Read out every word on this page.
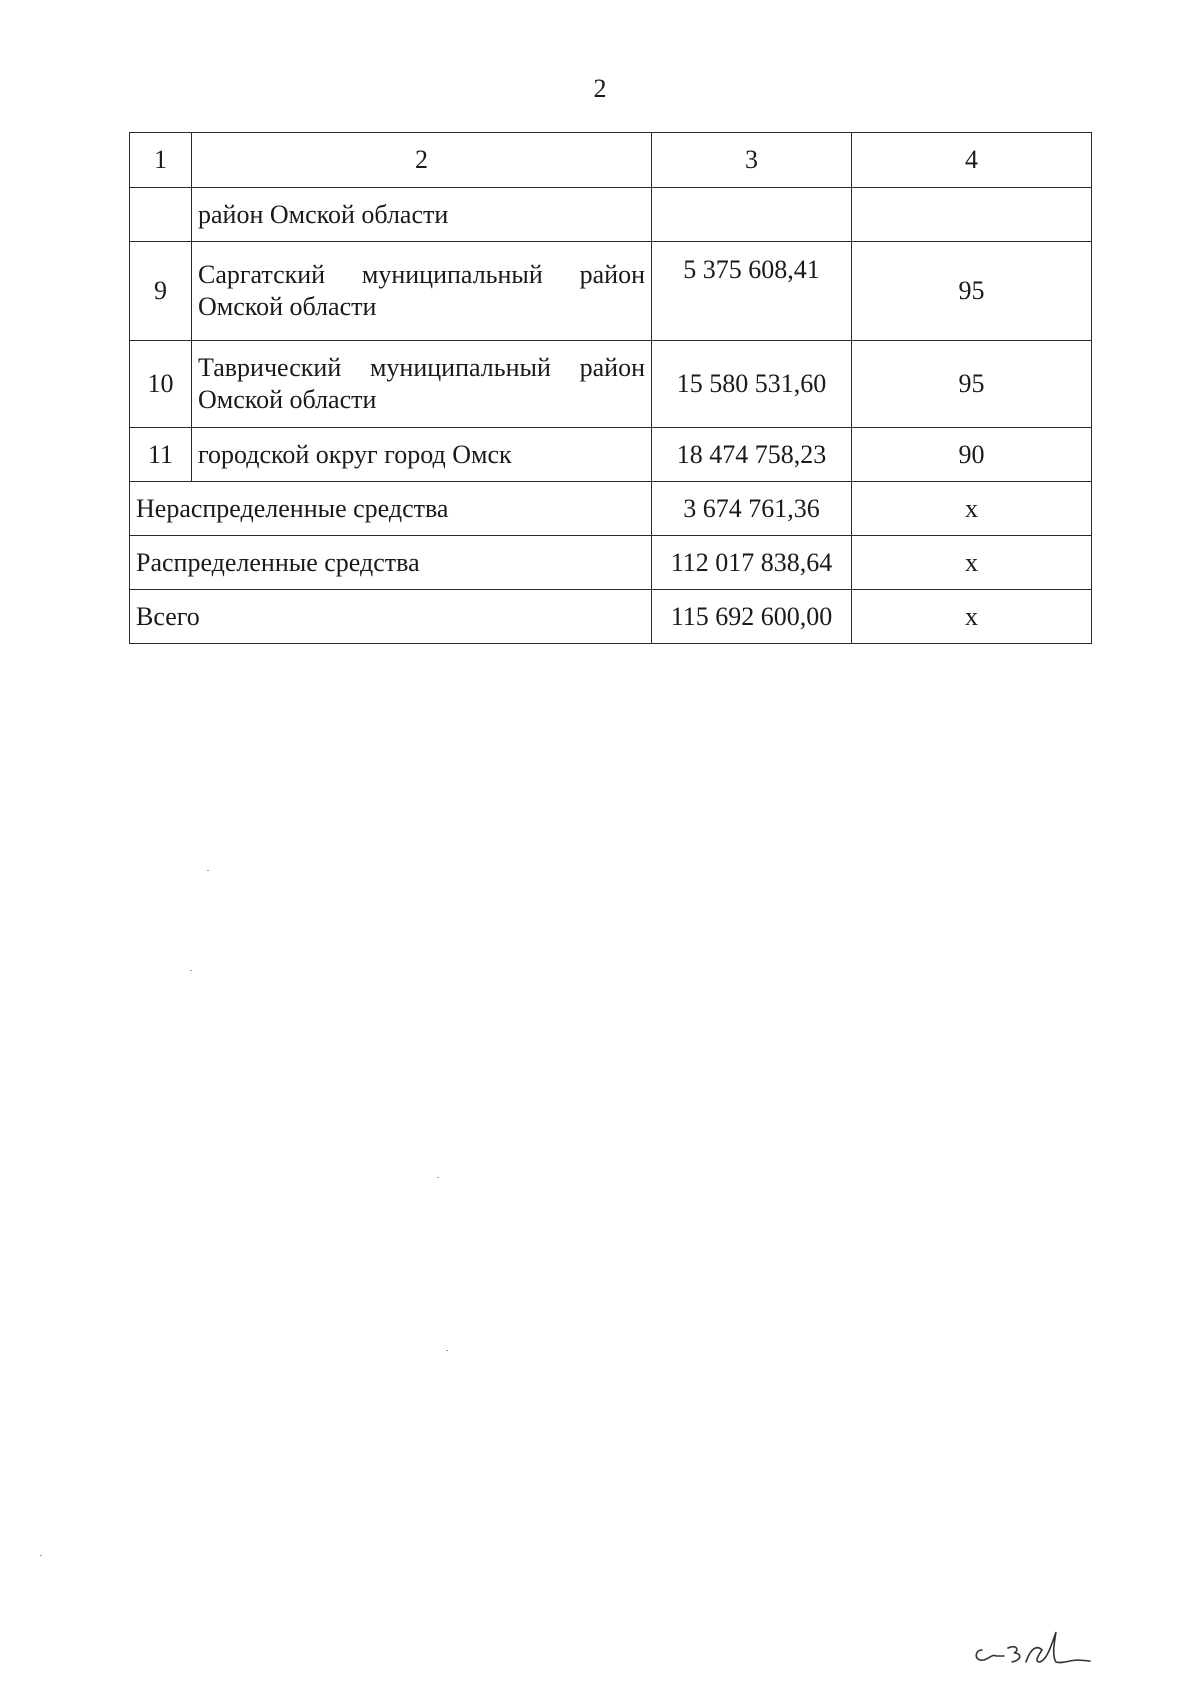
2
1	2	3	4
	район Омской области		
9	Саргатский муниципальный район Омской области	5 375 608,41	95
10	Таврический муниципальный район Омской области	15 580 531,60	95
11	городской округ город Омск	18 474 758,23	90
Нераспределенные средства		3 674 761,36	x
Распределенные средства		112 017 838,64	x
Всего		115 692 600,00	x
